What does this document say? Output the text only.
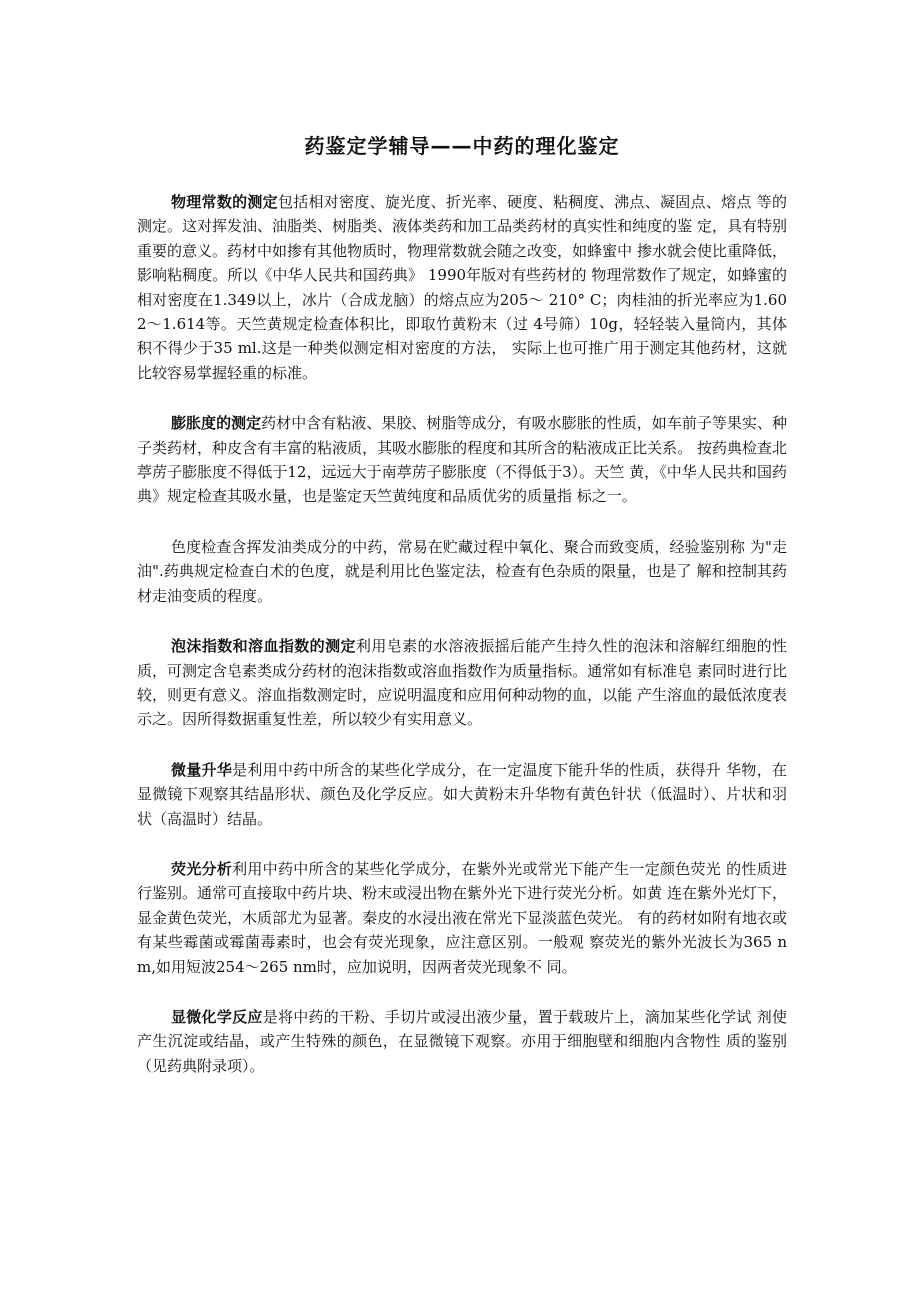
药鉴定学辅导——中药的理化鉴定

物理常数的测定包括相对密度、旋光度、折光率、硬度、粘稠度、沸点、凝固点、熔点 等的测定。这对挥发油、油脂类、树脂类、液体类药和加工品类药材的真实性和纯度的鉴 定，具有特别重要的意义。药材中如掺有其他物质时，物理常数就会随之改变，如蜂蜜中 掺水就会使比重降低，影响粘稠度。所以《中华人民共和国药典》 1990年版对有些药材的 物理常数作了规定，如蜂蜜的相对密度在1.349以上，冰片（合成龙脑）的熔点应为205～ 210° C；肉桂油的折光率应为1.602～1.614等。天竺黄规定检查体积比，即取竹黄粉末（过 4号筛）10g，轻轻装入量筒内，其体积不得少于35 ml.这是一种类似测定相对密度的方法， 实际上也可推广用于测定其他药材，这就比较容易掌握轻重的标准。

膨胀度的测定药材中含有粘液、果胶、树脂等成分，有吸水膨胀的性质，如车前子等果实、种子类药材，种皮含有丰富的粘液质，其吸水膨胀的程度和其所含的粘液成正比关系。 按药典检查北葶苈子膨胀度不得低于12，远远大于南葶苈子膨胀度（不得低于3）。天竺 黄，《中华人民共和国药典》规定检查其吸水量，也是鉴定天竺黄纯度和品质优劣的质量指 标之一。

色度检查含挥发油类成分的中药，常易在贮藏过程中氧化、聚合而致变质，经验鉴别称 为"走油".药典规定检查白术的色度，就是利用比色鉴定法，检查有色杂质的限量，也是了 解和控制其药材走油变质的程度。

泡沫指数和溶血指数的测定利用皂素的水溶液振摇后能产生持久性的泡沫和溶解红细胞的性质，可测定含皂素类成分药材的泡沫指数或溶血指数作为质量指标。通常如有标准皂 素同时进行比较，则更有意义。溶血指数测定时，应说明温度和应用何种动物的血，以能 产生溶血的最低浓度表示之。因所得数据重复性差，所以较少有实用意义。

微量升华是利用中药中所含的某些化学成分，在一定温度下能升华的性质，获得升 华物，在显微镜下观察其结晶形状、颜色及化学反应。如大黄粉末升华物有黄色针状（低温时）、片状和羽状（高温时）结晶。

荧光分析利用中药中所含的某些化学成分，在紫外光或常光下能产生一定颜色荧光 的性质进行鉴别。通常可直接取中药片块、粉末或浸出物在紫外光下进行荧光分析。如黄 连在紫外光灯下，显金黄色荧光，木质部尤为显著。秦皮的水浸出液在常光下显淡蓝色荧光。 有的药材如附有地衣或有某些霉菌或霉菌毒素时，也会有荧光现象，应注意区别。一般观 察荧光的紫外光波长为365 nm,如用短波254～265 nm时，应加说明，因两者荧光现象不 同。

显微化学反应是将中药的干粉、手切片或浸出液少量，置于载玻片上，滴加某些化学试 剂使产生沉淀或结晶，或产生特殊的颜色，在显微镜下观察。亦用于细胞壁和细胞内含物性 质的鉴别（见药典附录项）。
